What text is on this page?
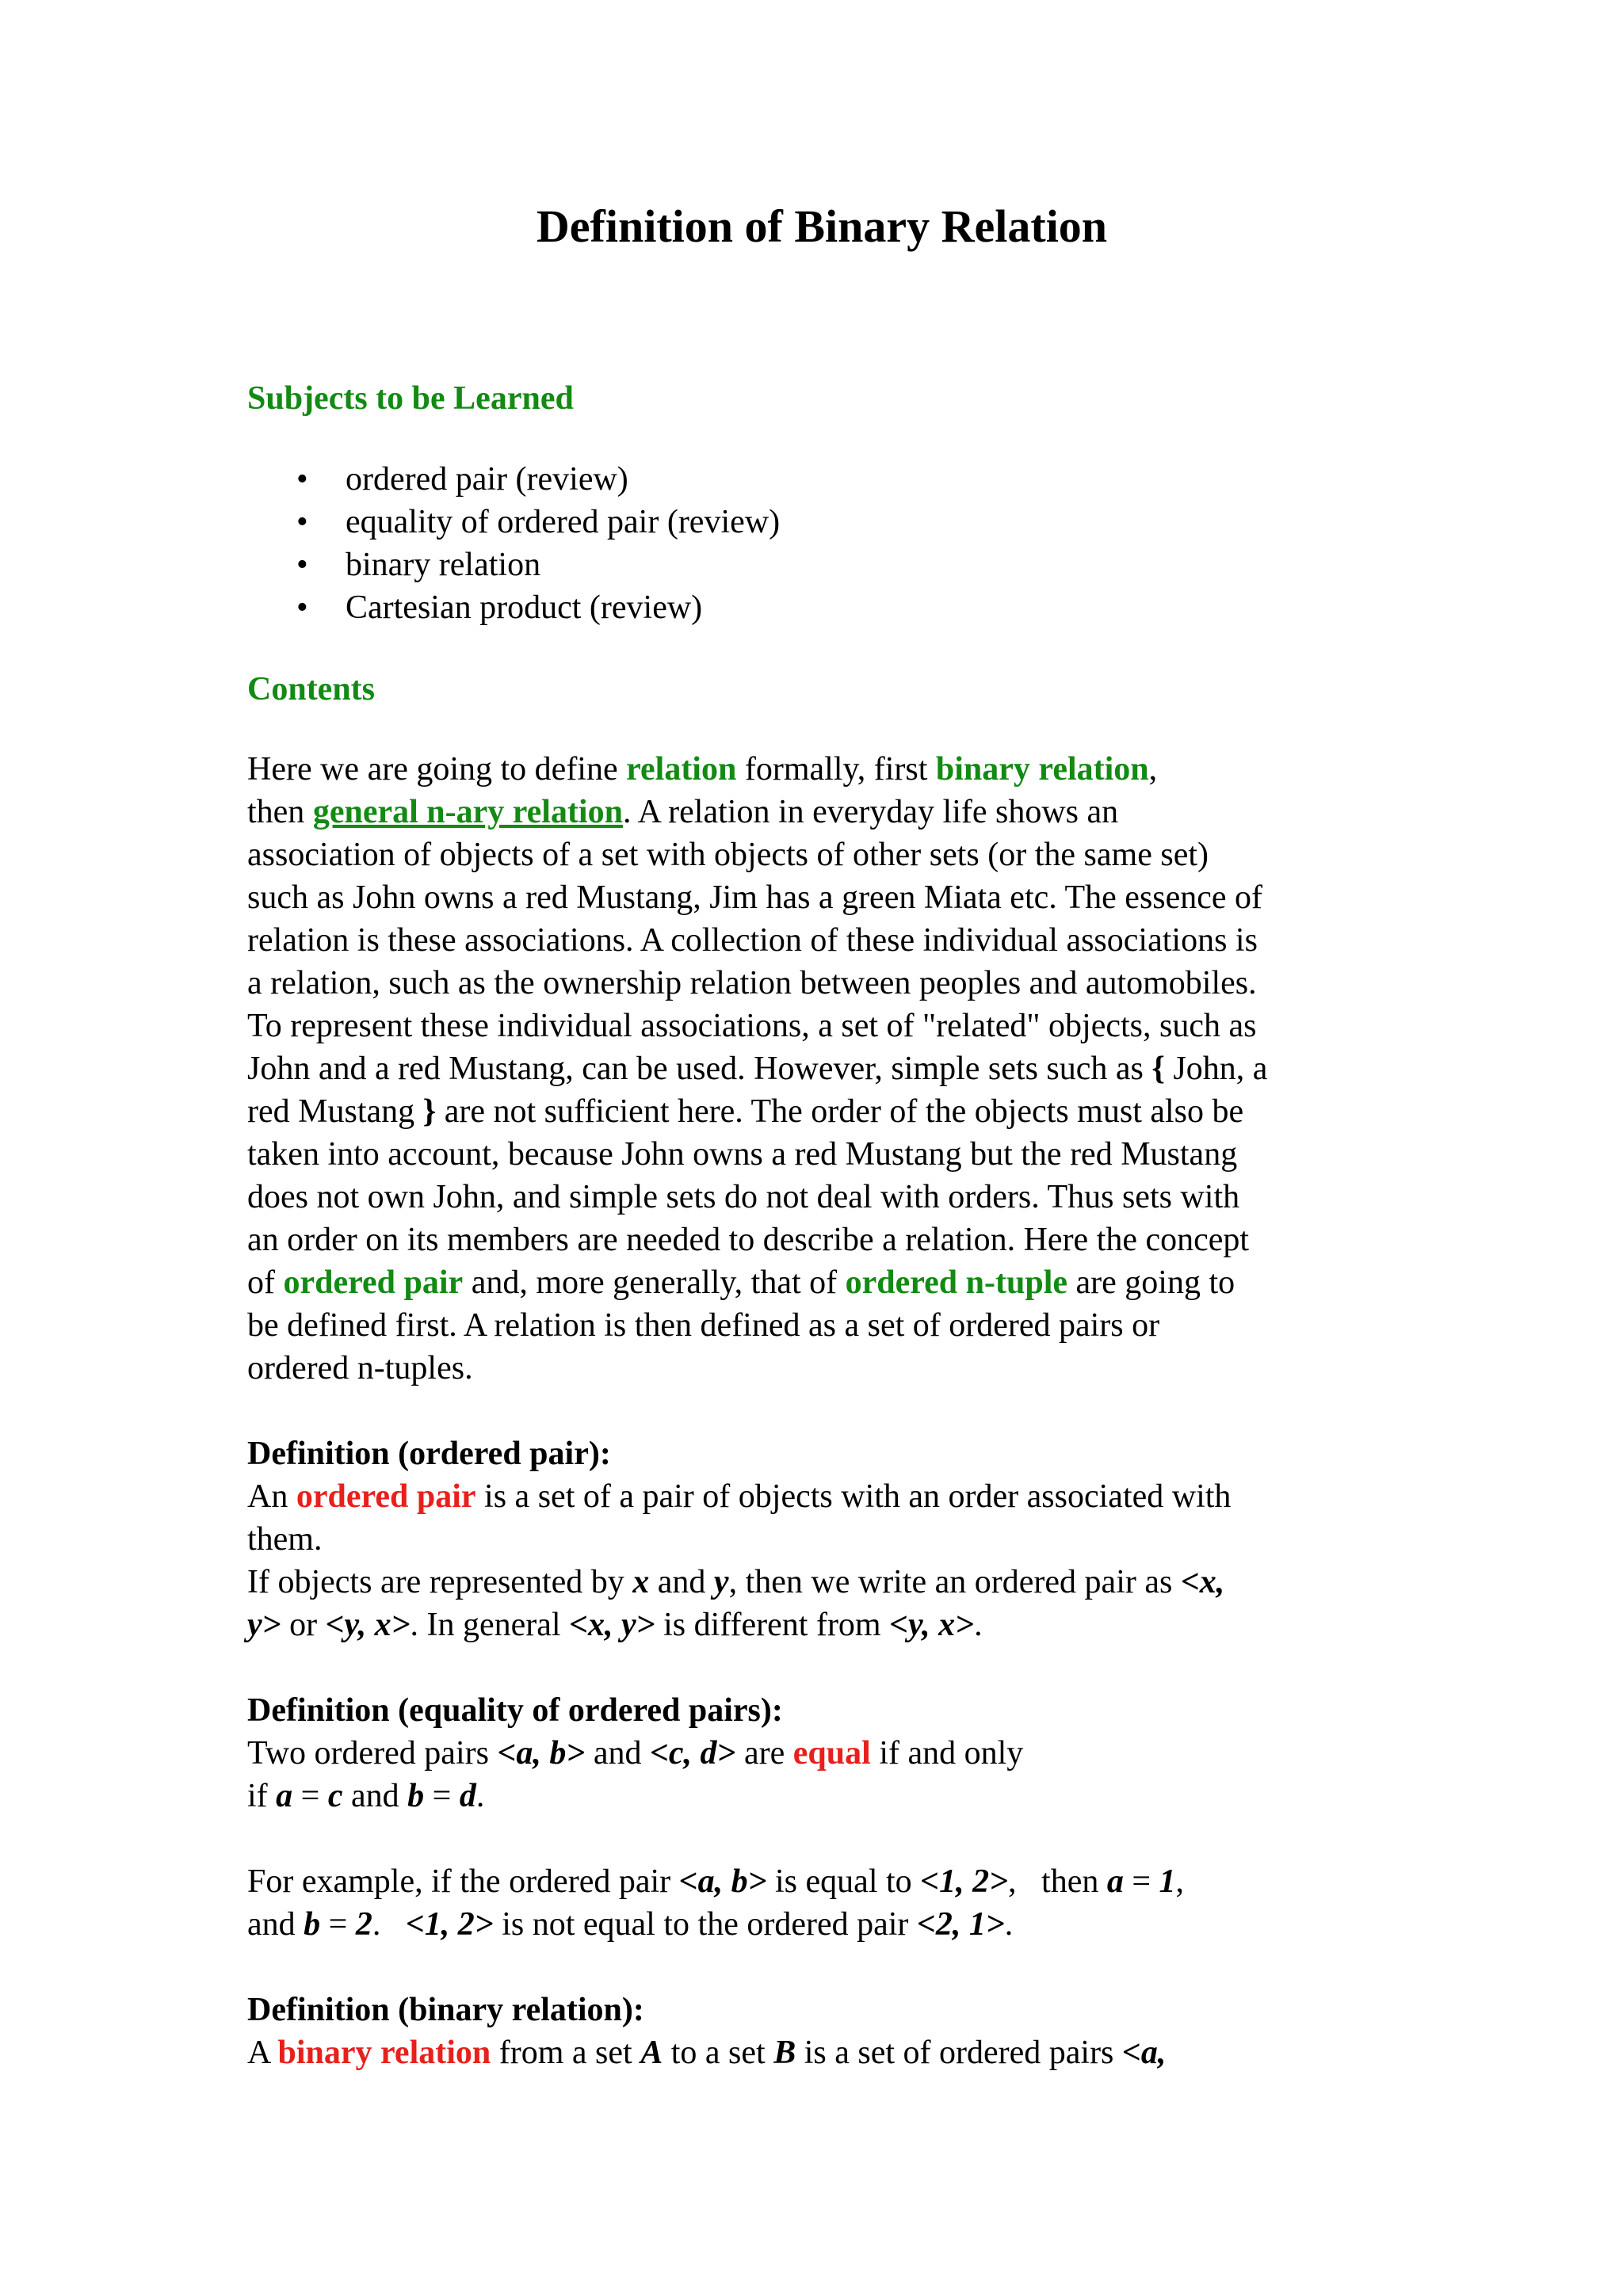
Definition of Binary Relation
Subjects to be Learned
• ordered pair (review)
• equality of ordered pair (review)
• binary relation
• Cartesian product (review)
Contents
Here we are going to define relation formally, first binary relation,
then general n-ary relation. A relation in everyday life shows an
association of objects of a set with objects of other sets (or the same set)
such as John owns a red Mustang, Jim has a green Miata etc. The essence of
relation is these associations. A collection of these individual associations is
a relation, such as the ownership relation between peoples and automobiles.
To represent these individual associations, a set of "related" objects, such as
John and a red Mustang, can be used. However, simple sets such as { John, a
red Mustang } are not sufficient here. The order of the objects must also be
taken into account, because John owns a red Mustang but the red Mustang
does not own John, and simple sets do not deal with orders. Thus sets with
an order on its members are needed to describe a relation. Here the concept
of ordered pair and, more generally, that of ordered n-tuple are going to
be defined first. A relation is then defined as a set of ordered pairs or
ordered n-tuples.
Definition (ordered pair):
An ordered pair is a set of a pair of objects with an order associated with
them.
If objects are represented by x and y, then we write an ordered pair as <x,
y> or <y, x>. In general <x, y> is different from <y, x>.
Definition (equality of ordered pairs):
Two ordered pairs <a, b> and <c, d> are equal if and only
if a = c and b = d.
For example, if the ordered pair <a, b> is equal to <1, 2>,   then a = 1,
and b = 2.   <1, 2> is not equal to the ordered pair <2, 1>.
Definition (binary relation):
A binary relation from a set A to a set B is a set of ordered pairs <a,
